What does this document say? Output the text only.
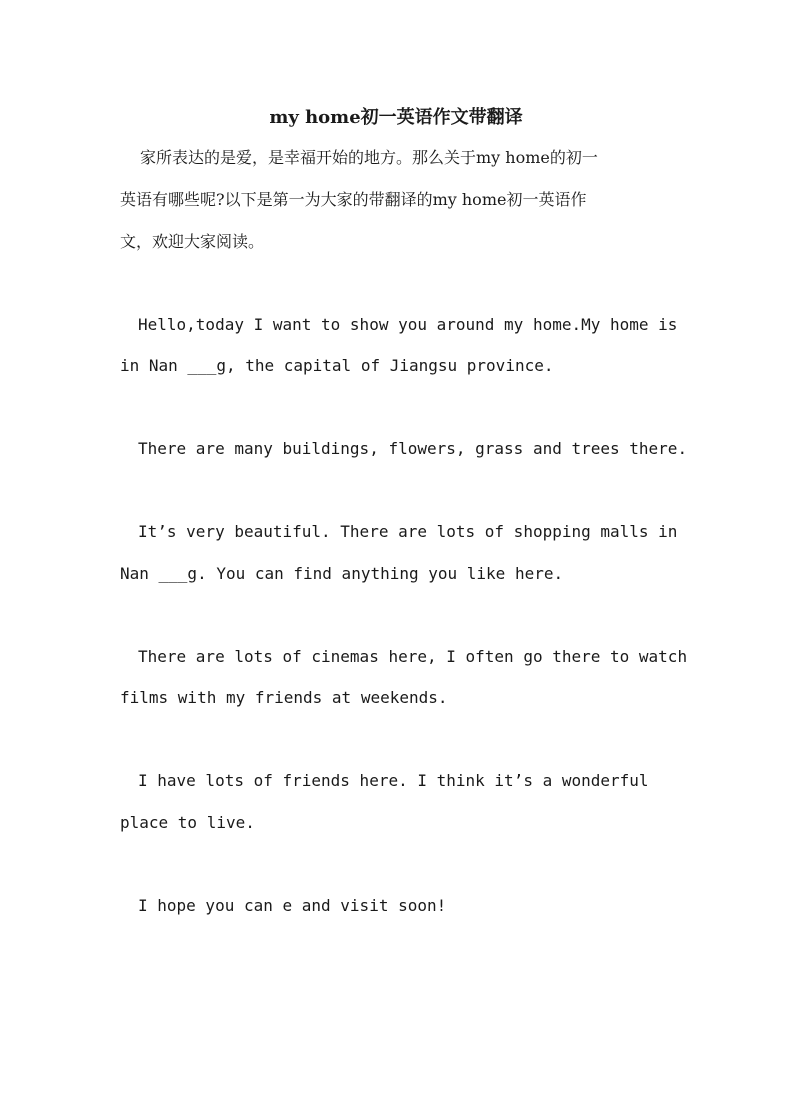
my home初一英语作文带翻译
家所表达的是爱，是幸福开始的地方。那么关于my home的初一
英语有哪些呢?以下是第一为大家的带翻译的my home初一英语作
文，欢迎大家阅读。
Hello,today I want to show you around my home.My home is
in Nan ___g, the capital of Jiangsu province.
There are many buildings, flowers, grass and trees there.
It’s very beautiful. There are lots of shopping malls in
Nan ___g. You can find anything you like here.
There are lots of cinemas here, I often go there to watch
films with my friends at weekends.
I have lots of friends here. I think it’s a wonderful
place to live.
I hope you can e and visit soon!
